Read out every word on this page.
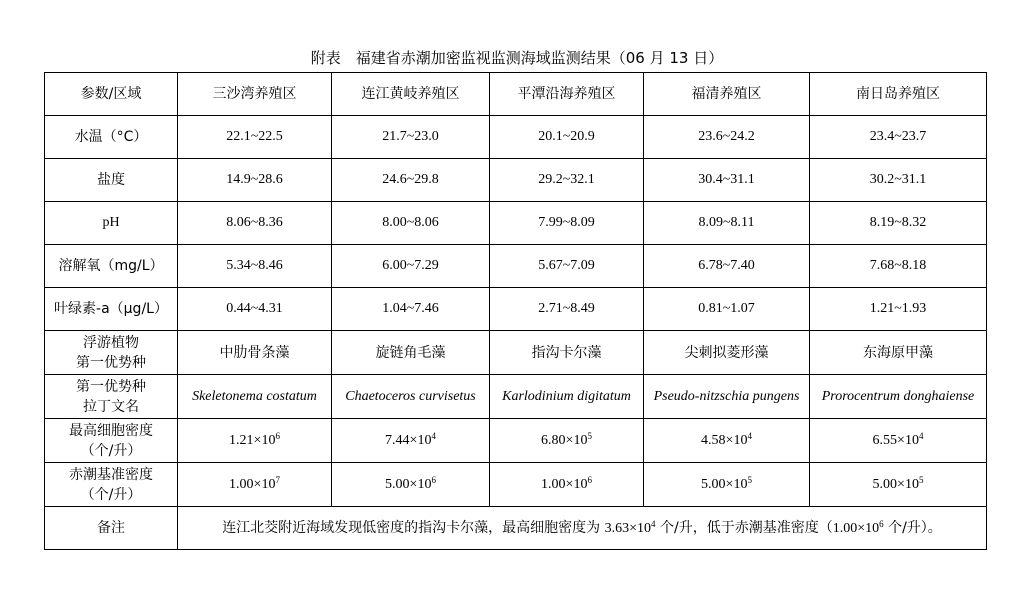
附表　福建省赤潮加密监视监测海域监测结果（06 月 13 日）
参数/区域	三沙湾养殖区	连江黄岐养殖区	平潭沿海养殖区	福清养殖区	南日岛养殖区
水温（°C）	22.1~22.5	21.7~23.0	20.1~20.9	23.6~24.2	23.4~23.7
盐度	14.9~28.6	24.6~29.8	29.2~32.1	30.4~31.1	30.2~31.1
pH	8.06~8.36	8.00~8.06	7.99~8.09	8.09~8.11	8.19~8.32
溶解氧（mg/L）	5.34~8.46	6.00~7.29	5.67~7.09	6.78~7.40	7.68~8.18
叶绿素-a（μg/L）	0.44~4.31	1.04~7.46	2.71~8.49	0.81~1.07	1.21~1.93

浮游植物
第一优势种	中肋骨条藻	旋链角毛藻	指沟卡尔藻	尖刺拟菱形藻	东海原甲藻

第一优势种
拉丁文名	Skeletonema costatum	Chaetoceros curvisetus	Karlodinium digitatum	Pseudo-nitzschia pungens	Prorocentrum donghaiense

最高细胞密度
（个/升）	$1.21\times 10^6$	$7.44\times 10^4$	$6.80\times 10^5$	$4.58\times 10^4$	$6.55\times 10^4$

赤潮基准密度
（个/升）	$1.00\times 10^7$	$5.00\times 10^6$	$1.00\times 10^6$	$5.00\times 10^5$	$5.00\times 10^5$
备注	连江北茭附近海域发现低密度的指沟卡尔藻，最高细胞密度为 $3.63\times 10^4$ 个/升，低于赤潮基准密度（$1.00\times 10^6$ 个/升）。				
